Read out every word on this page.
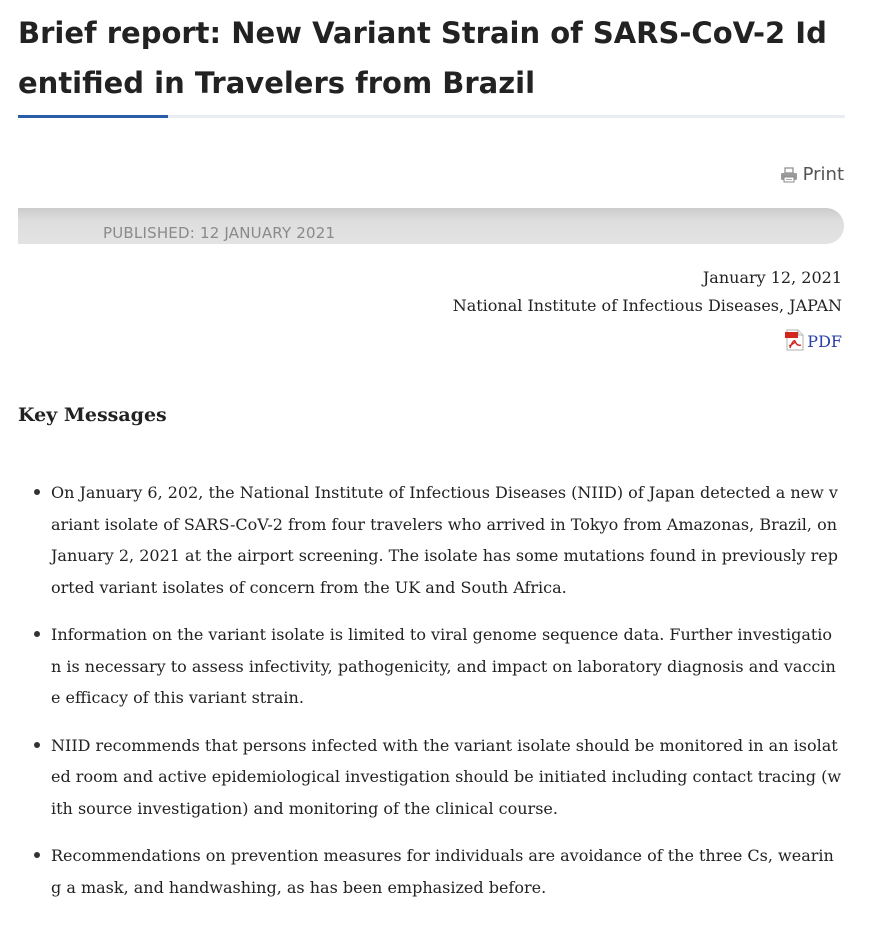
Brief report: New Variant Strain of SARS-CoV-2 Identified in Travelers from Brazil
Print
PUBLISHED: 12 JANUARY 2021
January 12, 2021
National Institute of Infectious Diseases, JAPAN
PDF
Key Messages
On January 6, 202, the National Institute of Infectious Diseases (NIID) of Japan detected a new variant isolate of SARS-CoV-2 from four travelers who arrived in Tokyo from Amazonas, Brazil, on January 2, 2021 at the airport screening. The isolate has some mutations found in previously reported variant isolates of concern from the UK and South Africa.
Information on the variant isolate is limited to viral genome sequence data. Further investigation is necessary to assess infectivity, pathogenicity, and impact on laboratory diagnosis and vaccine efficacy of this variant strain.
NIID recommends that persons infected with the variant isolate should be monitored in an isolated room and active epidemiological investigation should be initiated including contact tracing (with source investigation) and monitoring of the clinical course.
Recommendations on prevention measures for individuals are avoidance of the three Cs, wearing a mask, and handwashing, as has been emphasized before.
